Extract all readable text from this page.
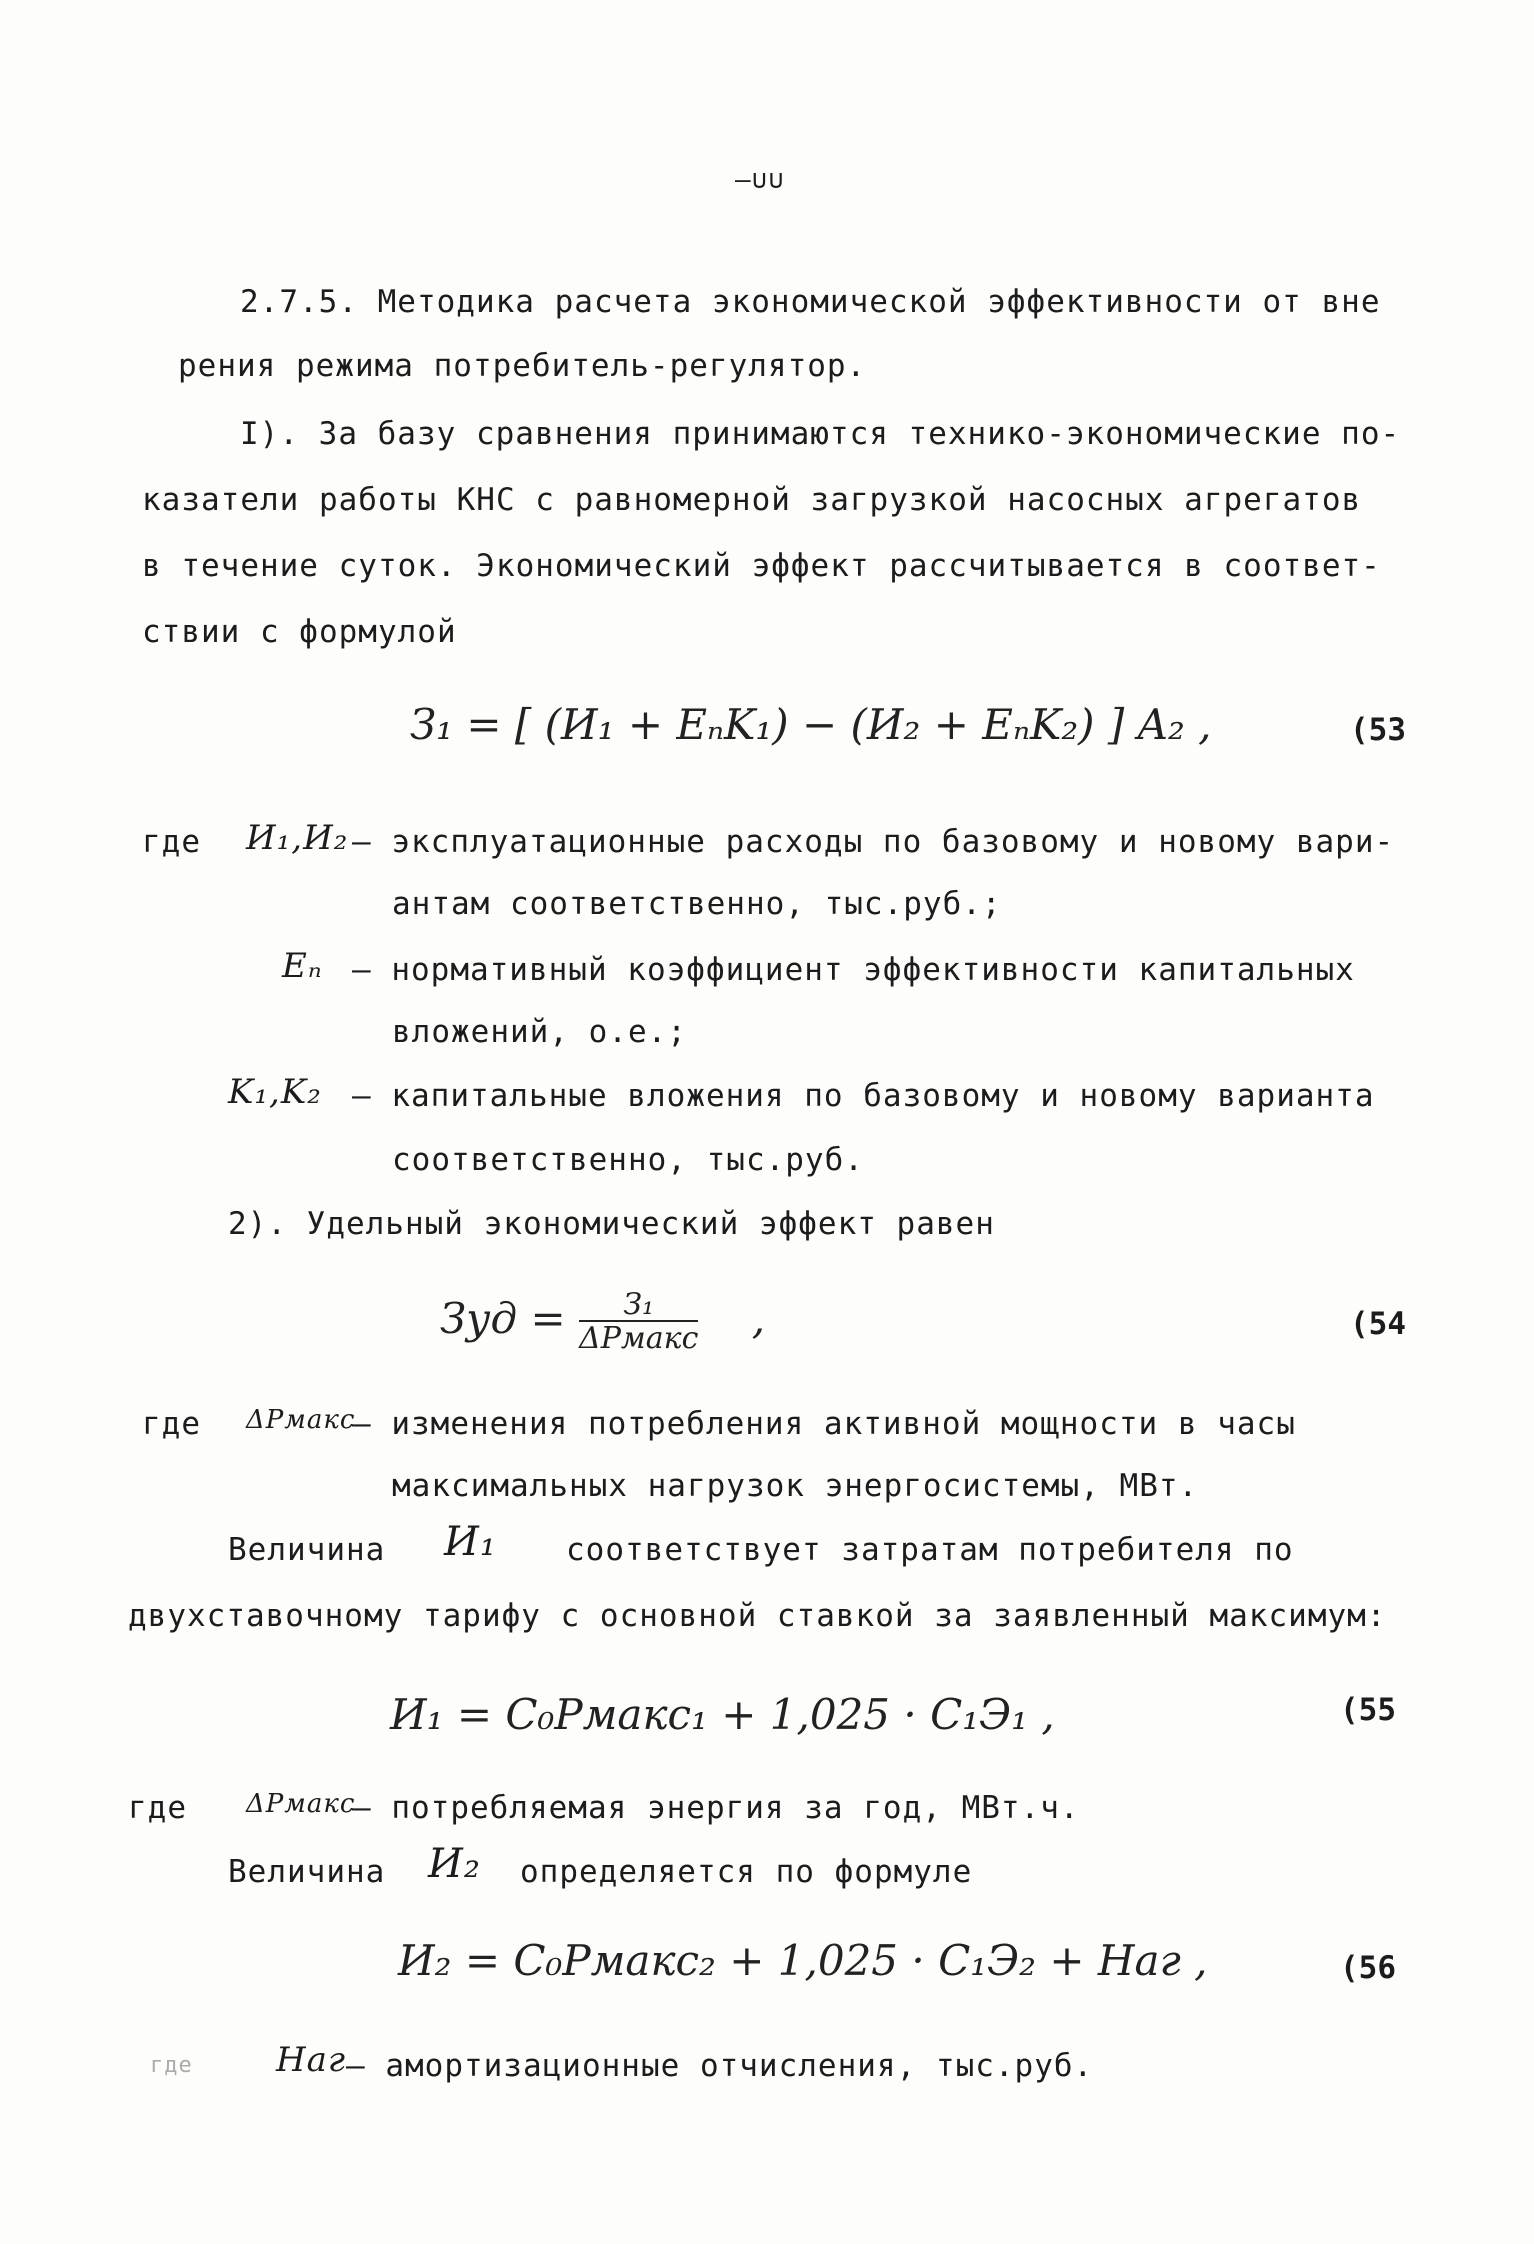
—∪∪
2.7.5. Методика расчета экономической эффективности от вне
рения режима потребитель-регулятор.
I). За базу сравнения принимаются технико-экономические по-
казатели работы КНС с равномерной загрузкой насосных агрегатов
в течение суток. Экономический эффект рассчитывается в соответ-
ствии с формулой
З₁ = [ (И₁ + EₙK₁) − (И₂ + EₙK₂) ] A₂ ,	(53
где И₁,И₂ – эксплуатационные расходы по базовому и новому вари-
антам соответственно, тыс.руб.;
Eₙ – нормативный коэффициент эффективности капитальных
вложений, о.е.;
K₁,K₂ – капитальные вложения по базовому и новому варианта
соответственно, тыс.руб.
2). Удельный экономический эффект равен
Зуд = $\frac{\text{З₁}}{\text{ΔPмакс}}$ ,	(54
где ΔPмакс
– изменения потребления активной мощности в часы
максимальных нагрузок энергосистемы, МВт.
Величина И₁ соответствует затратам потребителя по
двухставочному тарифу с основной ставкой за заявленный максимум:
И₁ = C₀Pмакс₁ + 1,025 · C₁Э₁ ,	(55
где ΔPмакс
– потребляемая энергия за год, МВт.ч.
Величина И₂ определяется по формуле
И₂ = C₀Pмакс₂ + 1,025 · C₁Э₂ + Hаг ,	(56
где Hаг – амортизационные отчисления, тыс.руб.
